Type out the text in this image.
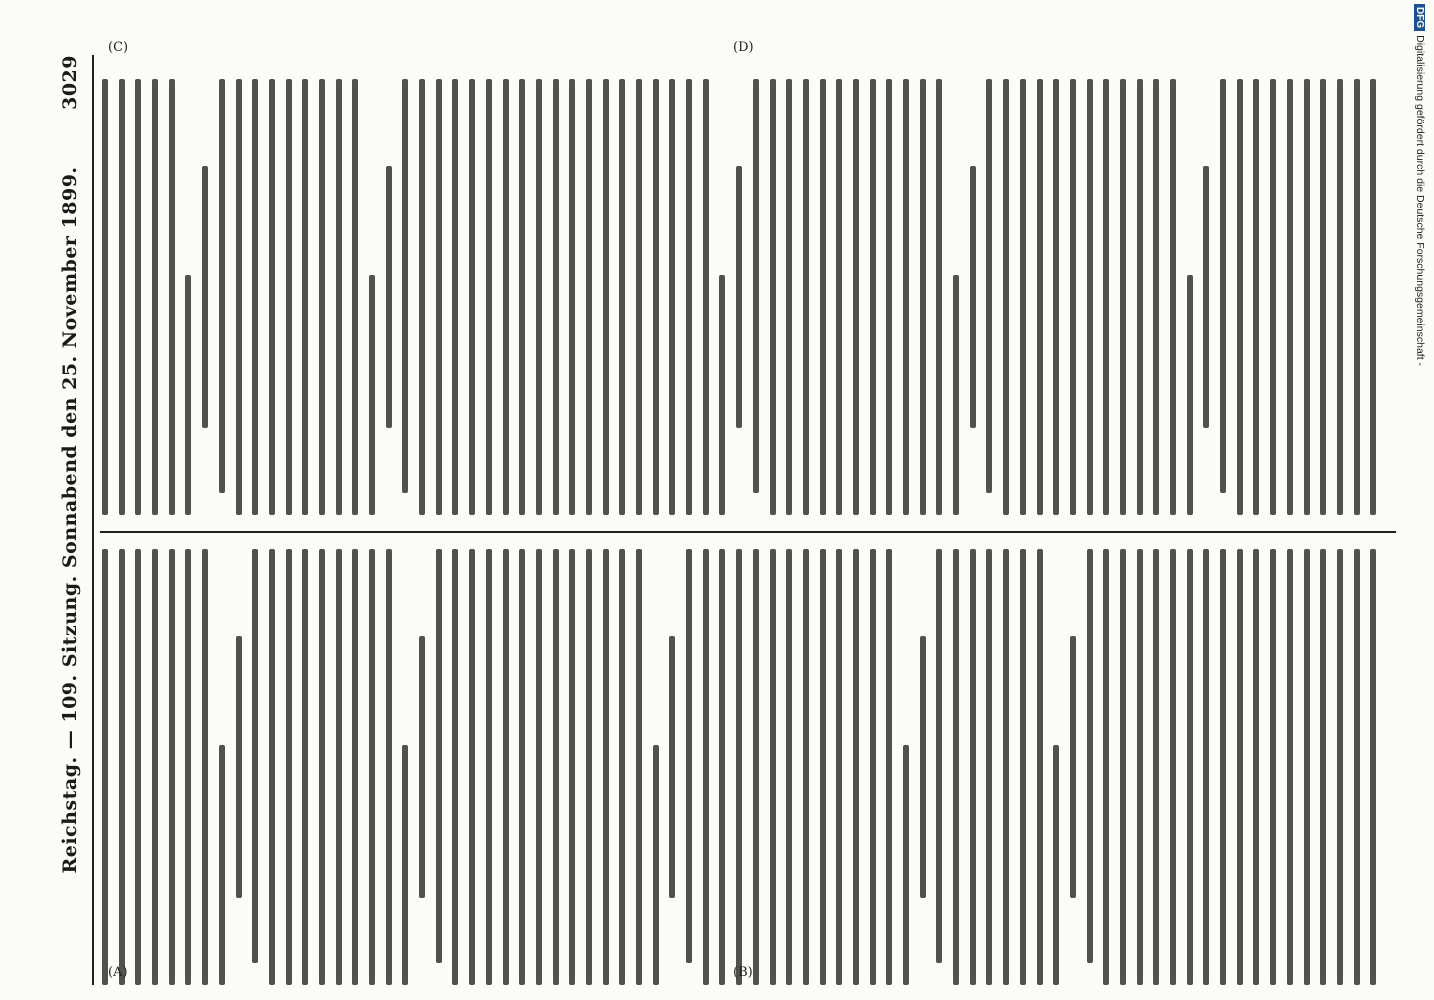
Reichstag. — 109. Sitzung. Sonnabend den 25. November 1899.
3029
(A)	(B)
(C)	(D)
DFGDigitalisierung gefördert durch die Deutsche Forschungsgemeinschaft -
